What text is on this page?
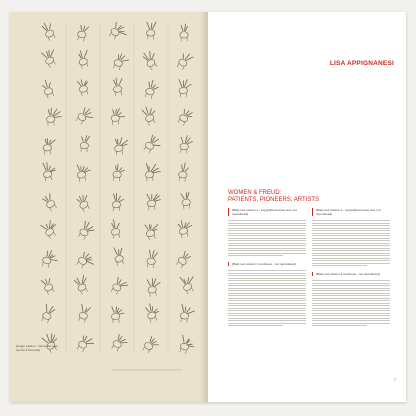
[image caption - transcribe from source if licensed]

LISA APPIGNANESI

WOMEN & FREUD:
PATIENTS, PIONEERS, ARTISTS

[Body text column 1 - copyrighted essay text, not reproduced]

[Body text column 1 continues - not reproduced]

[Body text column 2 - copyrighted essay text, not reproduced]

[Body text column 2 continues - not reproduced]

7
